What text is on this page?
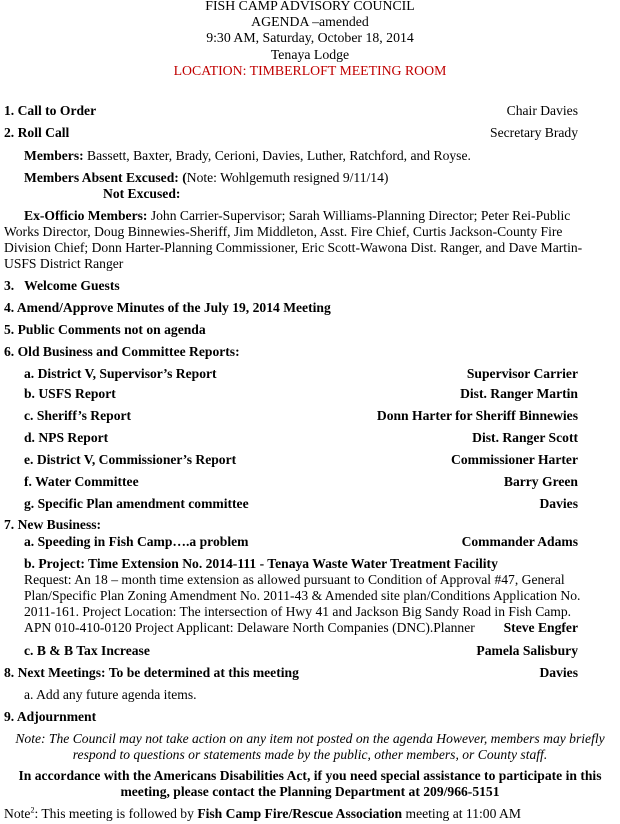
FISH CAMP ADVISORY COUNCIL
AGENDA –amended
9:30 AM, Saturday, October 18, 2014
Tenaya Lodge
LOCATION: TIMBERLOFT MEETING ROOM
1. Call to Order	Chair Davies
2. Roll Call	Secretary Brady
Members: Bassett, Baxter, Brady, Cerioni, Davies, Luther, Ratchford, and Royse.
Members Absent Excused: (Note: Wohlgemuth resigned 9/11/14)
Not Excused:
Ex-Officio Members: John Carrier-Supervisor; Sarah Williams-Planning Director; Peter Rei-Public Works Director, Doug Binnewies-Sheriff, Jim Middleton, Asst. Fire Chief, Curtis Jackson-County Fire Division Chief; Donn Harter-Planning Commissioner, Eric Scott-Wawona Dist. Ranger, and Dave Martin-USFS District Ranger
3.   Welcome Guests
4. Amend/Approve Minutes of the July 19, 2014 Meeting
5. Public Comments not on agenda
6. Old Business and Committee Reports:
a. District V, Supervisor’s Report	Supervisor Carrier
b. USFS Report	Dist. Ranger Martin
c. Sheriff’s Report	Donn Harter for Sheriff Binnewies
d. NPS Report	Dist. Ranger Scott
e. District V, Commissioner’s Report	Commissioner Harter
f. Water Committee	Barry Green
g. Specific Plan amendment committee	Davies
7. New Business:
a. Speeding in Fish Camp….a problem	Commander Adams
b. Project: Time Extension No. 2014-111 - Tenaya Waste Water Treatment Facility
Request: An 18 – month time extension as allowed pursuant to Condition of Approval #47, General Plan/Specific Plan Zoning Amendment No. 2011-43 & Amended site plan/Conditions Application No. 2011-161. Project Location: The intersection of Hwy 41 and Jackson Big Sandy Road in Fish Camp. APN 010-410-0120 Project Applicant: Delaware North Companies (DNC).Planner	Steve Engfer
c. B & B Tax Increase	Pamela Salisbury
8. Next Meetings: To be determined at this meeting	Davies
a. Add any future agenda items.
9. Adjournment
Note: The Council may not take action on any item not posted on the agenda However, members may briefly respond to questions or statements made by the public, other members, or County staff.
In accordance with the Americans Disabilities Act, if you need special assistance to participate in this meeting, please contact the Planning Department at 209/966-5151
Note$^2$: This meeting is followed by Fish Camp Fire/Rescue Association meeting at 11:00 AM
